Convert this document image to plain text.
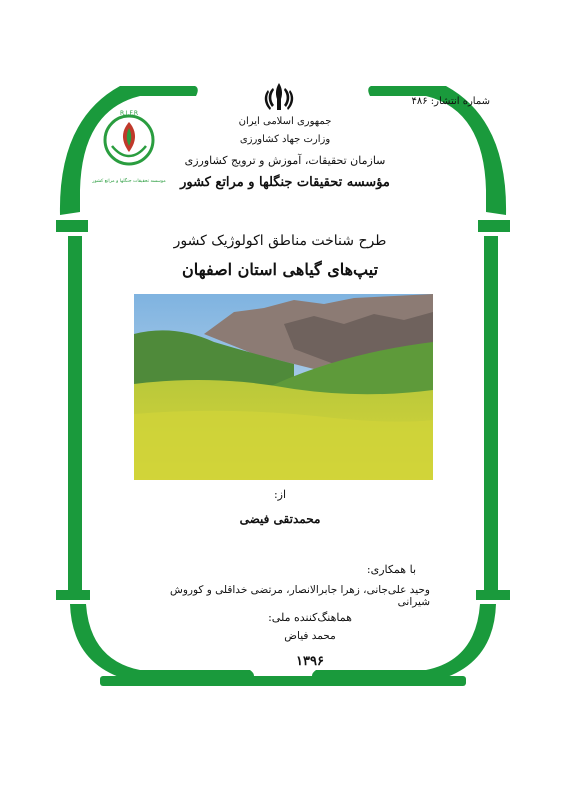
R.I.F.R
موسسه تحقیقات جنگلها و مراتع کشور
شماره انتشار: ۴۸۶
جمهوری اسلامی ایران
وزارت جهاد کشاورزی
سازمان تحقیقات، آموزش و ترویج کشاورزی
مؤسسه تحقیقات جنگلها و مراتع کشور
طرح شناخت مناطق اکولوژیک کشور
تیپ‌های گیاهی استان اصفهان
از:
محمدتقی فیضی
با همکاری:
وحید علی‌جانی، زهرا جابرالانصار، مرتضی خداقلی و کوروش شیرانی
هماهنگ‌کننده ملی:
محمد فیاض
۱۳۹۶
